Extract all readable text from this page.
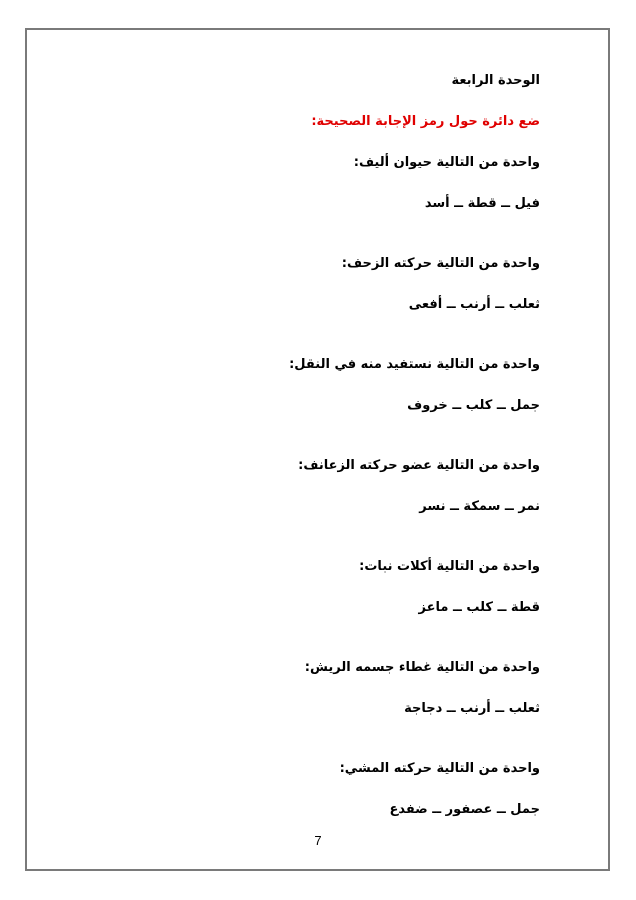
الوحدة الرابعة
ضع دائرة حول رمز الإجابة الصحيحة:
واحدة من التالية حيوان أليف:
فيل ــ قطة ــ أسد
واحدة من التالية حركته الزحف:
ثعلب ــ أرنب ــ أفعى
واحدة من التالية نستفيد منه في النقل:
جمل ــ كلب ــ خروف
واحدة من التالية عضو حركته الزعانف:
نمر ــ سمكة ــ نسر
واحدة من التالية أكلات نبات:
قطة ــ كلب ــ ماعز
واحدة من التالية غطاء جسمه الريش:
ثعلب ــ أرنب ــ دجاجة
واحدة من التالية حركته المشي:
جمل ــ عصفور ــ ضفدع
7
